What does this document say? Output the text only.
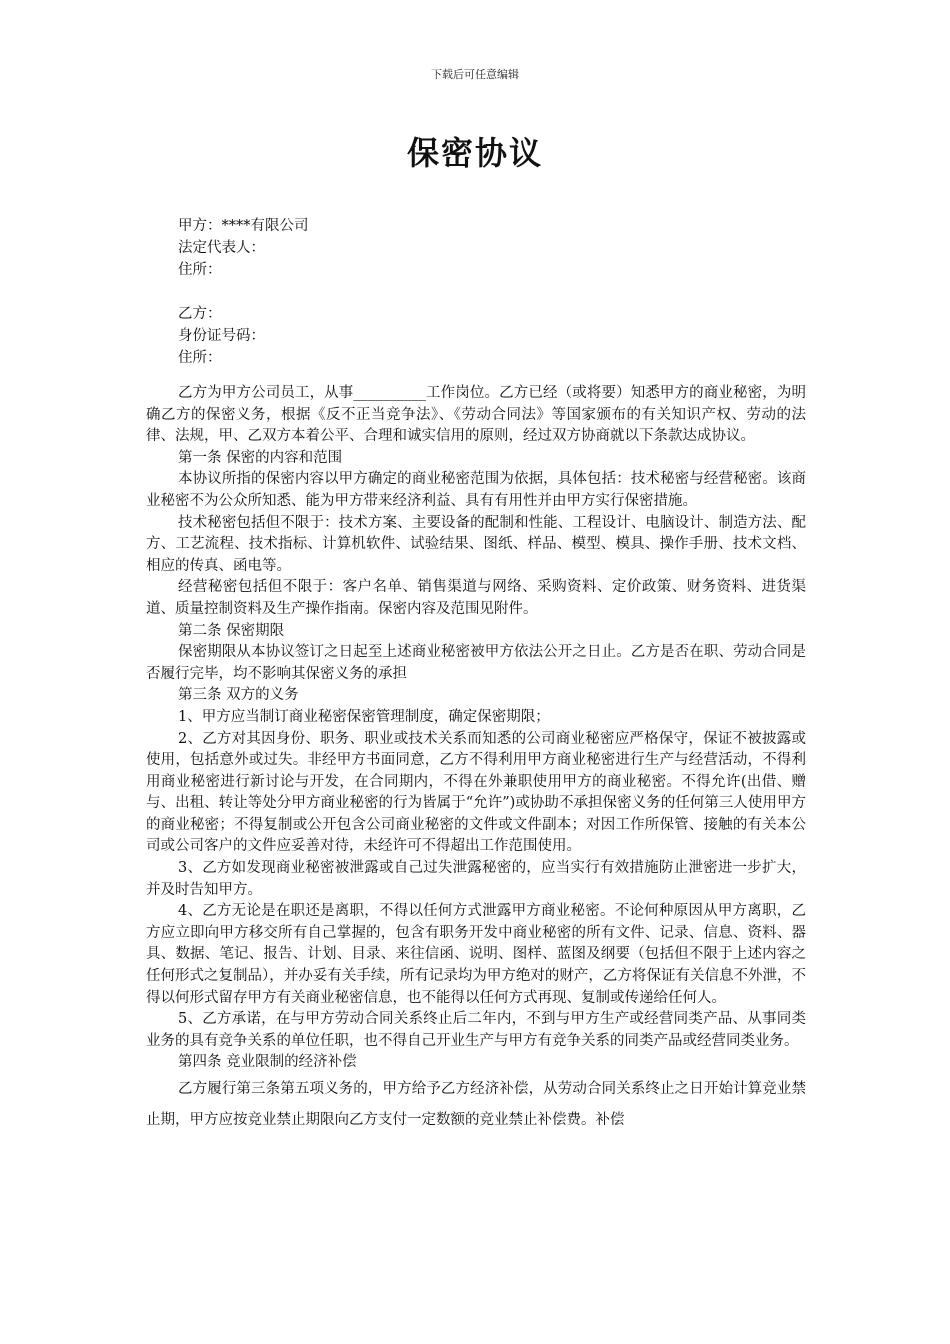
下载后可任意编辑
保密协议
甲方：****有限公司
法定代表人：
住所：
乙方：
身份证号码：
住所：

乙方为甲方公司员工，从事__________工作岗位。乙方已经（或将要）知悉甲方的商业秘密，为明确乙方的保密义务，根据《反不正当竞争法》、《劳动合同法》等国家颁布的有关知识产权、劳动的法律、法规，甲、乙双方本着公平、合理和诚实信用的原则，经过双方协商就以下条款达成协议。

第一条 保密的内容和范围

本协议所指的保密内容以甲方确定的商业秘密范围为依据，具体包括：技术秘密与经营秘密。该商业秘密不为公众所知悉、能为甲方带来经济利益、具有有用性并由甲方实行保密措施。

技术秘密包括但不限于：技术方案、主要设备的配制和性能、工程设计、电脑设计、制造方法、配方、工艺流程、技术指标、计算机软件、试验结果、图纸、样品、模型、模具、操作手册、技术文档、相应的传真、函电等。

经营秘密包括但不限于：客户名单、销售渠道与网络、采购资料、定价政策、财务资料、进货渠道、质量控制资料及生产操作指南。保密内容及范围见附件。

第二条 保密期限

保密期限从本协议签订之日起至上述商业秘密被甲方依法公开之日止。乙方是否在职、劳动合同是否履行完毕，均不影响其保密义务的承担

第三条 双方的义务

1、甲方应当制订商业秘密保密管理制度，确定保密期限；

2、乙方对其因身份、职务、职业或技术关系而知悉的公司商业秘密应严格保守，保证不被披露或使用，包括意外或过失。非经甲方书面同意，乙方不得利用甲方商业秘密进行生产与经营活动，不得利用商业秘密进行新讨论与开发，在合同期内，不得在外兼职使用甲方的商业秘密。不得允许(出借、赠与、出租、转让等处分甲方商业秘密的行为皆属于“允许”)或协助不承担保密义务的任何第三人使用甲方的商业秘密；不得复制或公开包含公司商业秘密的文件或文件副本；对因工作所保管、接触的有关本公司或公司客户的文件应妥善对待，未经许可不得超出工作范围使用。

3、乙方如发现商业秘密被泄露或自己过失泄露秘密的，应当实行有效措施防止泄密进一步扩大，并及时告知甲方。

4、乙方无论是在职还是离职，不得以任何方式泄露甲方商业秘密。不论何种原因从甲方离职，乙方应立即向甲方移交所有自己掌握的，包含有职务开发中商业秘密的所有文件、记录、信息、资料、器具、数据、笔记、报告、计划、目录、来往信函、说明、图样、蓝图及纲要（包括但不限于上述内容之任何形式之复制品），并办妥有关手续，所有记录均为甲方绝对的财产，乙方将保证有关信息不外泄，不得以何形式留存甲方有关商业秘密信息，也不能得以任何方式再现、复制或传递给任何人。

5、乙方承诺，在与甲方劳动合同关系终止后二年内，不到与甲方生产或经营同类产品、从事同类业务的具有竞争关系的单位任职，也不得自己开业生产与甲方有竞争关系的同类产品或经营同类业务。

第四条 竞业限制的经济补偿

乙方履行第三条第五项义务的，甲方给予乙方经济补偿，从劳动合同关系终止之日开始计算竞业禁止期，甲方应按竞业禁止期限向乙方支付一定数额的竞业禁止补偿费。补偿
